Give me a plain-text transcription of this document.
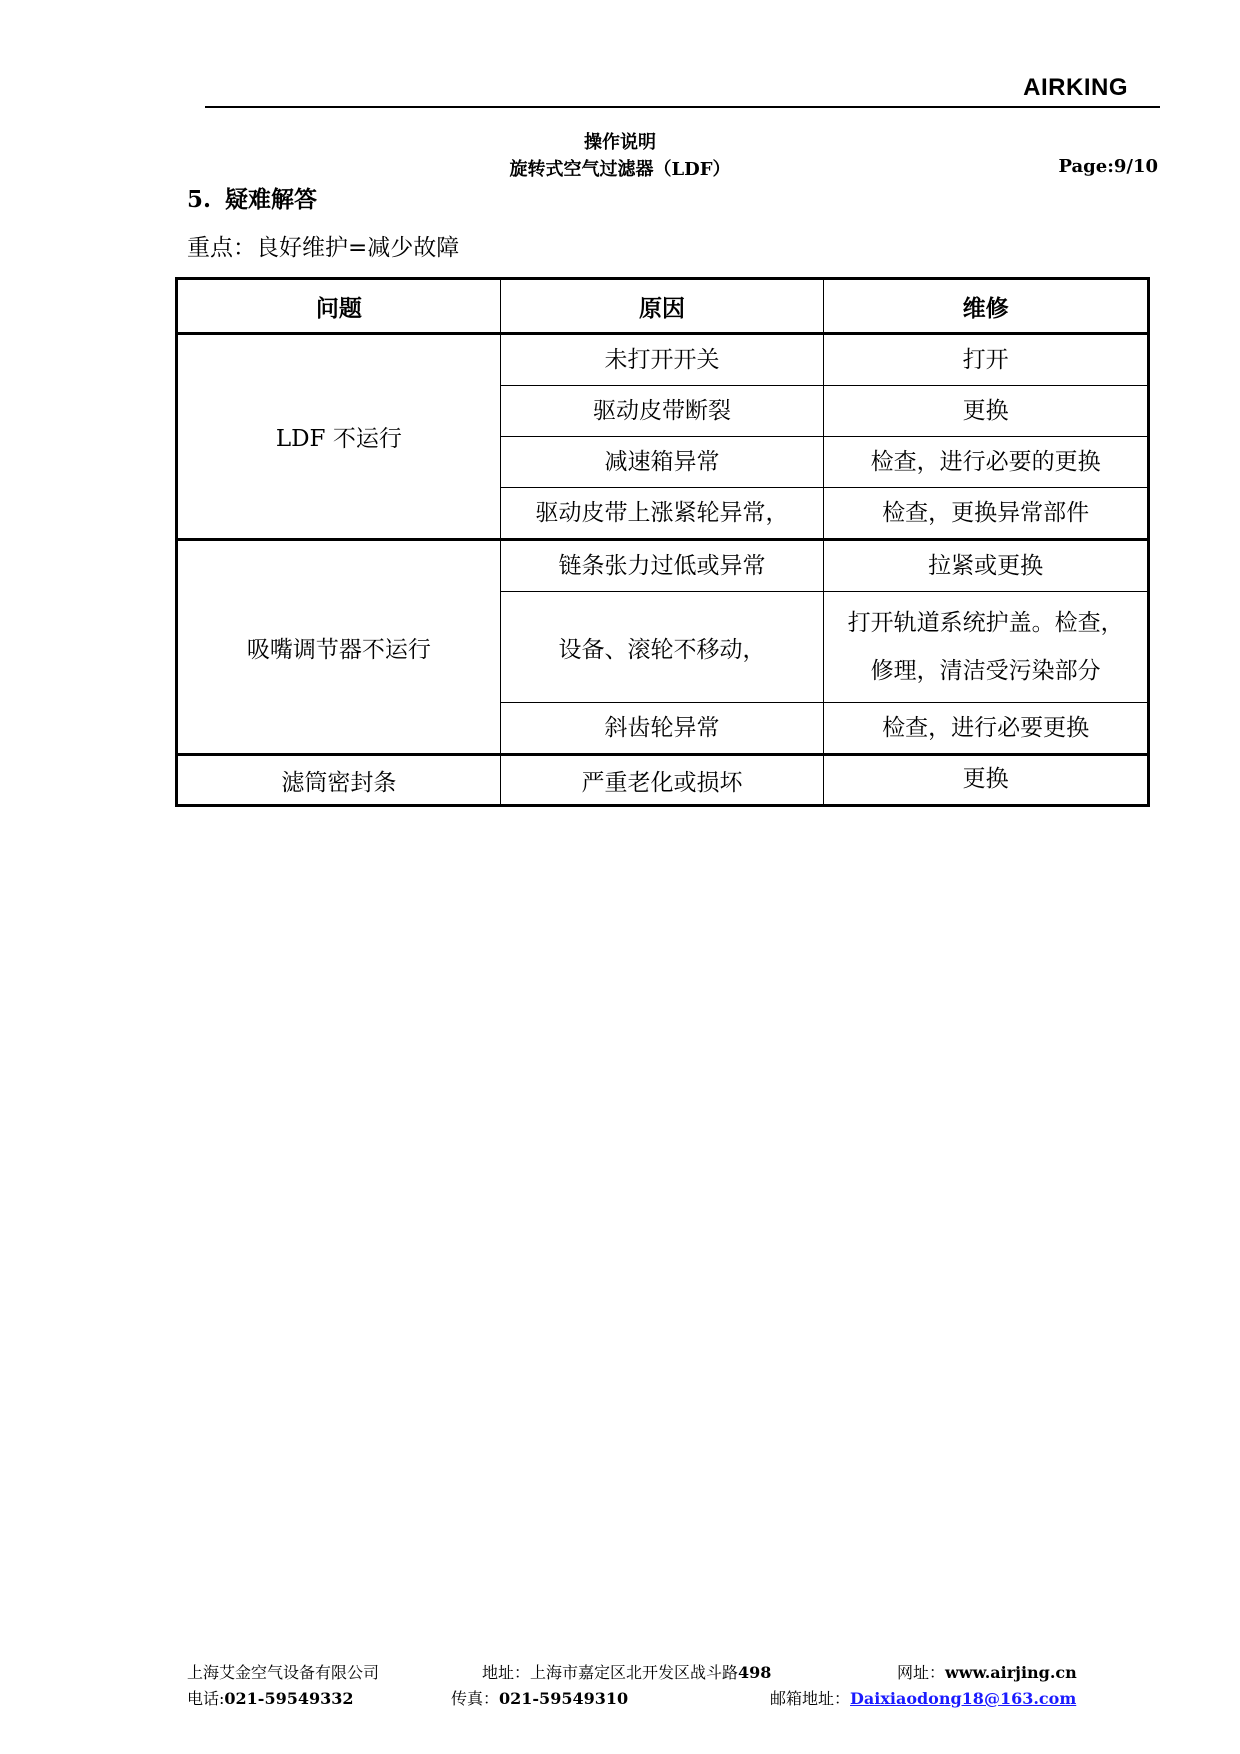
AIRKING
操作说明
旋转式空气过滤器（LDF）	Page:9/10
5. 疑难解答
重点：良好维护=减少故障
问题	原因	维修
LDF 不运行	未打开开关	打开
	驱动皮带断裂	更换
	减速箱异常	检查，进行必要的更换
	驱动皮带上涨紧轮异常，	检查，更换异常部件
吸嘴调节器不运行	链条张力过低或异常	拉紧或更换
	设备、滚轮不移动，	打开轨道系统护盖。检查，
修理，清洁受污染部分

	斜齿轮异常	检查，进行必要更换
滤筒密封条	严重老化或损坏	更换
上海艾金空气设备有限公司	地址：上海市嘉定区北开发区战斗路498	网址：www.airjing.cn
电话:021-59549332	传真：021-59549310	邮箱地址：Daixiaodong18@163.com
